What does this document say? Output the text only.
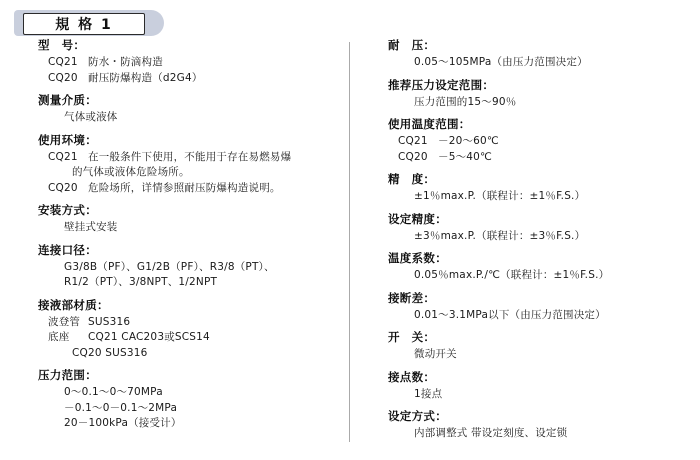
規 格 1
型　号：
CQ21 防水・防滴构造
CQ20 耐压防爆构造（d2G4）
测量介质：
气体或液体
使用环境：
CQ21 在一般条件下使用，不能用于存在易燃易爆
的气体或液体危险场所。
CQ20 危险场所，详情参照耐压防爆构造说明。
安装方式：
壁挂式安装
连接口径：
G3/8B（PF）、G1/2B（PF）、R3/8（PT）、
R1/2（PT）、3/8NPT、1/2NPT
接液部材质：
波登管 SUS316
底座	CQ21 CAC203或SCS14
CQ20 SUS316
压力范围：
0～0.1～0～70MPa
－0.1～0－0.1～2MPa
20－100kPa（接受计）
耐　压：
0.05～105MPa（由压力范围决定）
推荐压力设定范围：
压力范围的15～90％
使用温度范围：
CQ21 －20～60℃
CQ20 －5～40℃
精　度：
±1％max.P.（联程计：±1％F.S.）
设定精度：
±3％max.P.（联程计：±3％F.S.）
温度系数：
0.05％max.P./℃（联程计：±1％F.S.）
接断差：
0.01～3.1MPa以下（由压力范围决定）
开　关：
微动开关
接点数：
1接点
设定方式：
内部调整式 带设定刻度、设定锁
